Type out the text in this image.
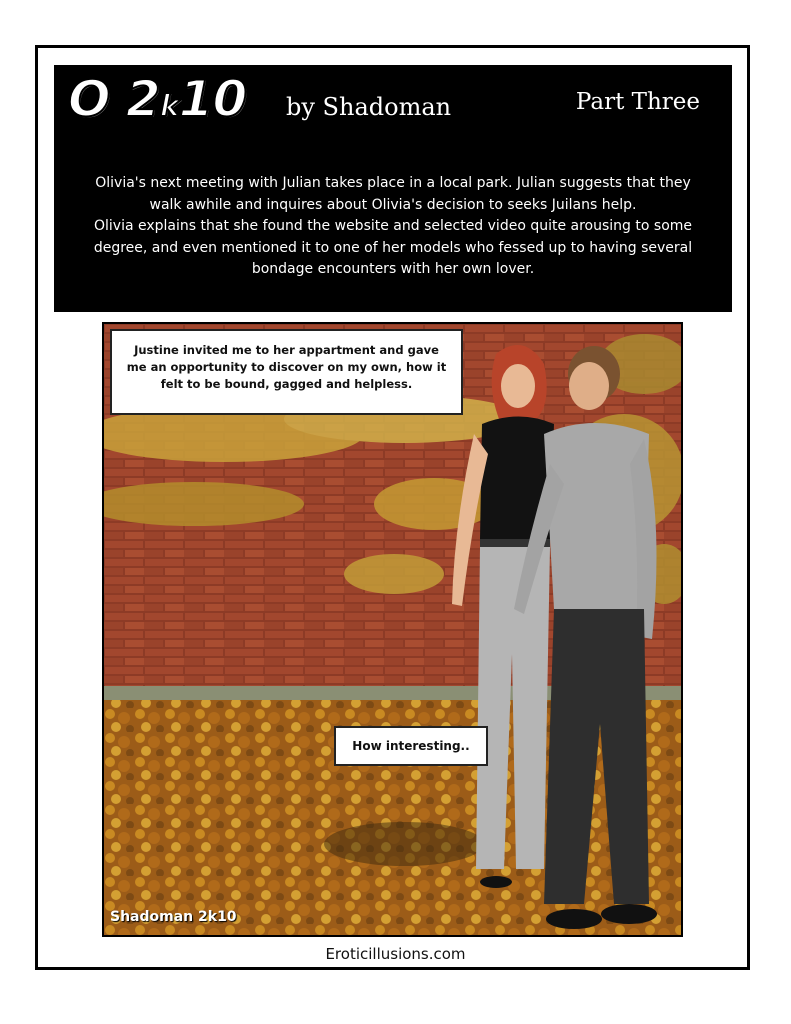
O 2k10 by Shadoman	Part Three

Olivia's next meeting with Julian takes place in a local park. Julian suggests that they walk awhile and inquires about Olivia's decision to seeks Juilans help.

Olivia explains that she found the website and selected video quite arousing to some degree, and even mentioned it to one of her models who fessed up to having several bondage encounters with her own lover.

Justine invited me to her appartment and gave me an opportunity to discover on my own, how it felt to be bound, gagged and helpless.
How interesting..
Shadoman 2k10
Eroticillusions.com
